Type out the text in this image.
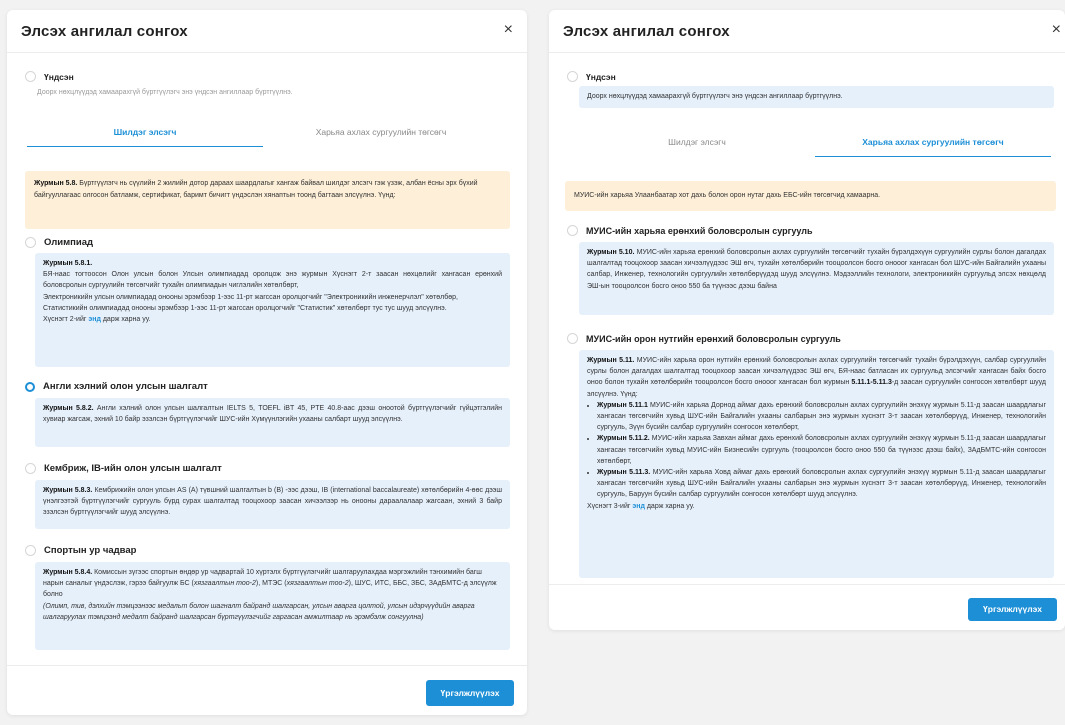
Элсэх ангилал сонгох	×
Үндсэн
Доорх нөхцлүүдэд хамаарахгүй бүртгүүлэгч энэ үндсэн ангиллаар бүртгүүлнэ.
Шилдэг элсэгч	Харьяа ахлах сургуулийн төгсөгч
Журмын 5.8. Бүртгүүлэгч нь сүүлийн 2 жилийн дотор дараах шаардлагыг хангаж байвал шилдэг элсэгч гэж үзэж, албан ёсны эрх бүхий байгууллагаас олгосон батламж, сертификат, баримт бичигт үндэслэн хянаптын тоонд багтаан элсүүлнэ. Үүнд:
Олимпиад

Журмын 5.8.1.

БЯ-наас тогтоосон Олон улсын болон Улсын олимпиадад оролцож энэ журмын Хүснэгт 2-т заасан нөхцөлийг хангасан ерөнхий боловсролын сургуулийн төгсөгчийг тухайн олимпиадын чиглэлийн хөтөлбөрт,

Электроникийн улсын олимпиадад онооны эрэмбээр 1-ээс 11-рт жагссан оролцогчийг "Электроникийн инженерчлэл" хөтөлбөр,

Статистикийн олимпиадад онооны эрэмбээр 1-ээс 11-рт жагссан оролцогчийг "Статистик" хөтөлбөрт тус тус шууд элсүүлнэ.

Хүснэгт 2-ийг энд дарж харна уу.

Англи хэлний олон улсын шалгалт
Журмын 5.8.2. Англи хэлний олон улсын шалгалтын IELTS 5, TOEFL iBT 45, PTE 40.8-аас дээш оноотой бүртгүүлэгчийг гүйцэтгэлийн хувиар жагсаж, эхний 10 байр эзэлсэн бүртгүүлэгчийг ШУС-ийн Хүмүүнлэгийн ухааны салбарт шууд элсүүлнэ.
Кембриж, IB-ийн олон улсын шалгалт
Журмын 5.8.3. Кембрижийн олон улсын AS (A) түвшний шалгалтын b (B) -ээс дээш, IB (international baccalaureate) хөтөлбөрийн 4-өөс дээш үнэлгээтэй бүртгүүлэгчийг сургууль бүрд сурах шалгалтад тооцохоор заасан хичээлээр нь онооны дараалалаар жагсаан, эхний 3 байр эзэлсэн бүртгүүлэгчийг шууд элсүүлнэ.
Спортын ур чадвар
Журмын 5.8.4. Комиссын зүгээс спортын өндөр ур чадвартай 10 хүртэлх бүртгүүлэгчийг шалгаруулахдаа мэргэжлийн тэнхимийн багш нарын саналыг үндэслэж, гэрээ байгуулж БС (хязгаалтын тоо-2), МТЭС (хязгаалтын тоо-2), ШУС, ИТС, ББС, ЗБС, ЗАдБМТС-д элсүүлж болно

(Олимп, тив, дэлхийн тэмцээнээс медальт болон шагналт байранд шалгарсан, улсын аварга цолтой, улсын идэрчүүдийн аварга шалгаруулах тэмцээнд медалт байранд шалгарсан бүртгүүлэгчийг гаргасан амжилтаар нь эрэмбэлж сонгуулна)

Үргэлжлүүлэх
Элсэх ангилал сонгох	×
Үндсэн
Доорх нөхцлүүдэд хамаарахгүй бүртгүүлэгч энэ үндсэн ангиллаар бүртгүүлнэ.
Шилдэг элсэгч	Харьяа ахлах сургуулийн төгсөгч
МУИС-ийн харьяа Улаанбаатар хот дахь болон орон нутаг дахь ЕБС-ийн төгсөгчид хамаарна.
МУИС-ийн харьяа ерөнхий боловсролын сургууль
Журмын 5.10. МУИС-ийн харьяа ерөнхий боловсролын ахлах сургуулийн төгсөгчийг тухайн бүрэлдэхүүн сургуулийн сурлы болон дагалдах шалгалтад тооцохоор заасан хичээлүүдээс ЭШ өгч, тухайн хөтөлбөрийн тооцоолсон босго онооог хангасан бол ШУС-ийн Байгалийн ухааны салбар, Инженер, технологийн сургуулийн хөтөлбөрүүдэд шууд элсүүлнэ. Мэдээллийн технологи, электроникийн сургуульд элсэх нөхцөлд ЭШ-ын тооцоолсон босго оноо 550 ба түүнээс дээш байна
МУИС-ийн орон нутгийн ерөнхий боловсролын сургууль

Журмын 5.11. МУИС-ийн харьяа орон нутгийн ерөнхий боловсролын ахлах сургуулийн төгсөгчийг тухайн бүрэлдэхүүн, салбар сургуулийн сурлы болон дагалдах шалгалтад тооцохоор заасан хичээлүүдээс ЭШ өгч, БЯ-наас батласан их сургуульд элсэгчийг хангасан байх босго оноо болон тухайн хөтөлбөрийн тооцоолсон босго онооог хангасан бол журмын 5.11.1-5.11.3-д заасан сургуулийн сонгосон хөтөлбөрт шууд элсүүлнэ. Үүнд:

• Журмын 5.11.1 МУИС-ийн харьяа Дорнод аймаг дахь ерөнхий боловсролын ахлах сургуулийн энэхүү журмын 5.11-д заасан шаардлагыг хангасан төгсөгчийн хувьд ШУС-ийн Байгалийн ухааны салбарын энэ журмын хүснэгт 3-т заасан хөтөлбөрүүд, Инженер, технологийн сургууль, Зүүн бүсийн салбар сургуулийн сонгосон хөтөлбөрт,
• Журмын 5.11.2. МУИС-ийн харьяа Завхан аймаг дахь ерөнхий боловсролын ахлах сургуулийн энэхүү журмын 5.11-д заасан шаардлагыг хангасан төгсөгчийн хувьд МУИС-ийн Бизнесийн сургууль (тооцоолсон босго оноо 550 ба түүнээс дээш байх), ЗАдБМТС-ийн сонгосон хөтөлбөрт,
• Журмын 5.11.3. МУИС-ийн харьяа Ховд аймаг дахь ерөнхий боловсролын ахлах сургуулийн энэхүү журмын 5.11-д заасан шаардлагыг хангасан төгсөгчийн хувьд ШУС-ийн Байгалийн ухааны салбарын энэ журмын хүснэгт 3-т заасан хөтөлбөрүүд, Инженер, технологийн сургууль, Баруун бүсийн салбар сургуулийн сонгосон хөтөлбөрт шууд элсүүлнэ.

Хүснэгт 3-ийг энд дарж харна уу.

Үргэлжлүүлэх
